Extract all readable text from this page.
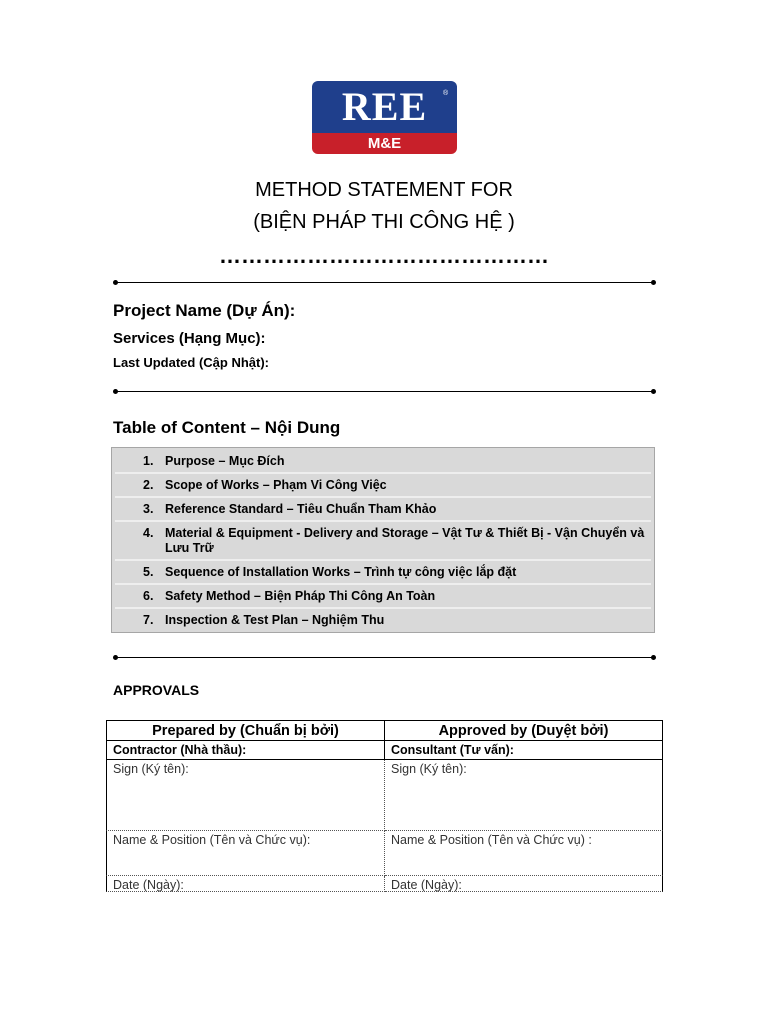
REE	®
M&E
METHOD STATEMENT FOR
(BIỆN PHÁP THI CÔNG HỆ )
………………………………………
Project Name (Dự Án):
Services (Hạng Mục):
Last Updated (Cập Nhật):
Table of Content – Nội Dung
1. Purpose – Mục Đích
2. Scope of Works – Phạm Vi Công Việc
3. Reference Standard – Tiêu Chuẩn Tham Khảo
4. Material & Equipment - Delivery and Storage – Vật Tư & Thiết Bị - Vận Chuyển và Lưu Trữ
5. Sequence of Installation Works – Trình tự công việc lắp đặt
6. Safety Method – Biện Pháp Thi Công An Toàn
7. Inspection & Test Plan – Nghiệm Thu
APPROVALS
Prepared by (Chuẩn bị bởi)	Approved by (Duyệt bởi)
Contractor (Nhà thầu):	Consultant (Tư vấn):
Sign (Ký tên):	Sign (Ký tên):
Name & Position (Tên và Chức vụ):	Name & Position (Tên và Chức vụ) :
Date (Ngày):	Date (Ngày):
